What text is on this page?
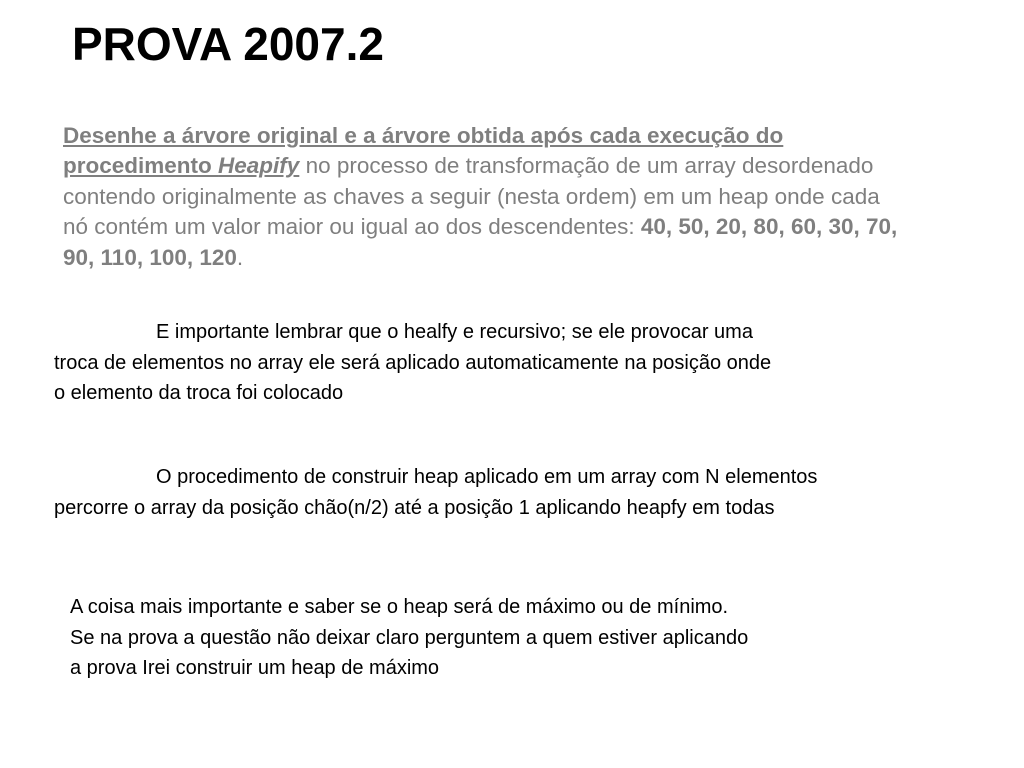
PROVA 2007.2

Desenhe a árvore original e a árvore obtida após cada execução do procedimento Heapify no processo de transformação de um array desordenado contendo originalmente as chaves a seguir (nesta ordem) em um heap onde cada nó contém um valor maior ou igual ao dos descendentes: 40, 50, 20, 80, 60, 30, 70, 90, 110, 100, 120.

E importante lembrar que o healfy e recursivo; se ele provocar uma
troca de elementos no array ele será aplicado automaticamente na posição onde
o elemento da troca foi colocado

O procedimento de construir heap aplicado em um array com N elementos
percorre o array da posição chão(n/2) até a posição 1 aplicando heapfy em todas

A coisa mais importante e saber se o heap será de máximo ou de mínimo.
Se na prova a questão não deixar claro perguntem a quem estiver aplicando
a prova Irei construir um heap de máximo
